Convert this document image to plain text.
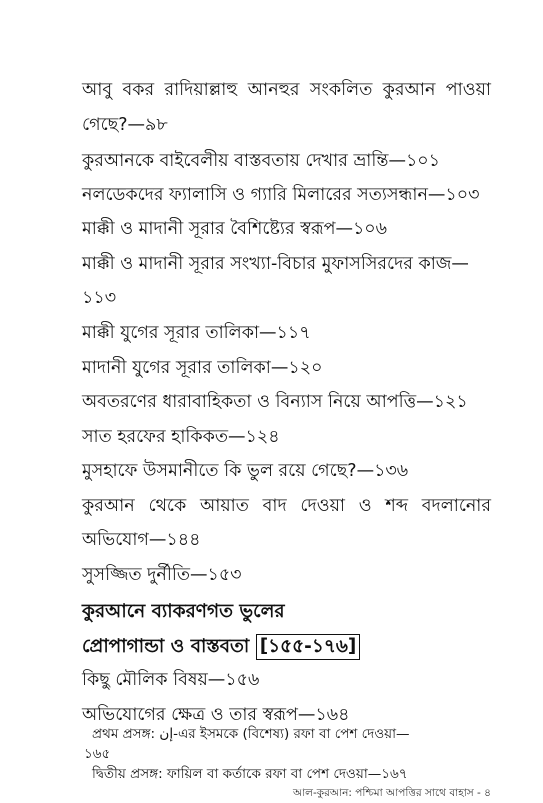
আবু বকর রাদিয়াল্লাহু আনহুর সংকলিত কুরআন পাওয়া
গেছে?—৯৮
কুরআনকে বাইবেলীয় বাস্তবতায় দেখার ভ্রান্তি—১০১
নলডেকদের ফ্যালাসি ও গ্যারি মিলারের সত্যসন্ধান—১০৩
মাক্কী ও মাদানী সূরার বৈশিষ্ট্যের স্বরূপ—১০৬
মাক্কী ও মাদানী সূরার সংখ্যা-বিচার মুফাসসিরদের কাজ—
১১৩
মাক্কী যুগের সূরার তালিকা—১১৭
মাদানী যুগের সূরার তালিকা—১২০
অবতরণের ধারাবাহিকতা ও বিন্যাস নিয়ে আপত্তি—১২১
সাত হরফের হাকিকত—১২৪
মুসহাফে উসমানীতে কি ভুল রয়ে গেছে?—১৩৬
কুরআন থেকে আয়াত বাদ দেওয়া ও শব্দ বদলানোর
অভিযোগ—১৪৪
সুসজ্জিত দুর্নীতি—১৫৩
কুরআনে ব্যাকরণগত ভুলের
প্রোপাগান্ডা ও বাস্তবতা [১৫৫-১৭৬]
কিছু মৌলিক বিষয়—১৫৬
অভিযোগের ক্ষেত্র ও তার স্বরূপ—১৬৪
প্রথম প্রসঙ্গ: إن-এর ইসমকে (বিশেষ্য) রফা বা পেশ দেওয়া—
১৬৫
দ্বিতীয় প্রসঙ্গ: ফায়িল বা কর্তাকে রফা বা পেশ দেওয়া—১৬৭
আল-কুরআন: পশ্চিমা আপত্তির সাথে বাহাস - ৪
